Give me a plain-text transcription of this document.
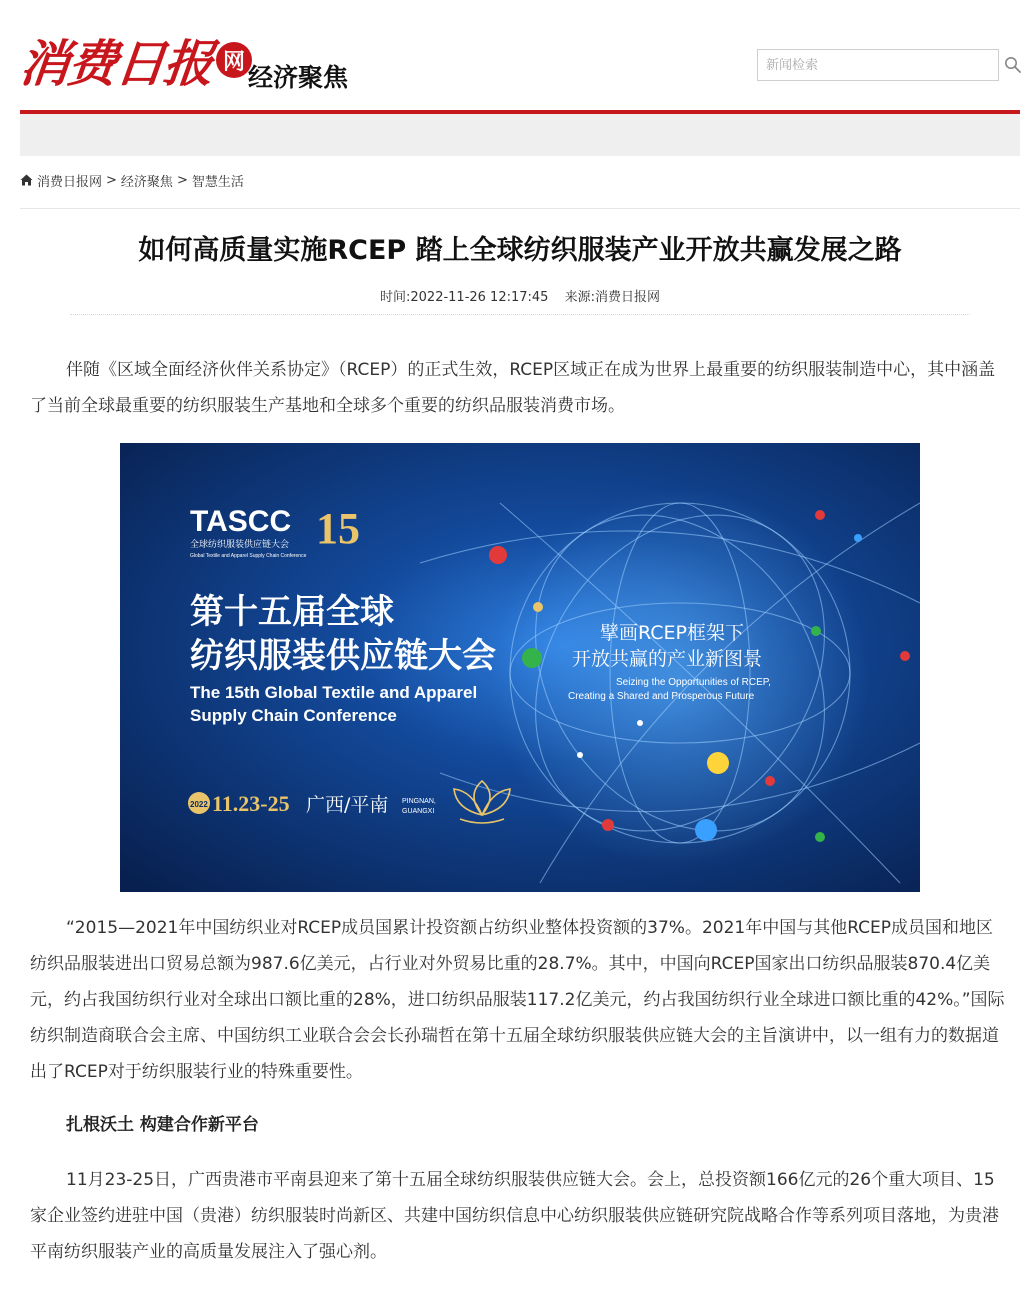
消费日报 网
经济聚焦
新闻检索
消费日报网 > 经济聚焦 > 智慧生活
如何高质量实施RCEP 踏上全球纺织服装产业开放共赢发展之路
时间:2022-11-26 12:17:45 来源:消费日报网

伴随《区域全面经济伙伴关系协定》（RCEP）的正式生效，RCEP区域正在成为世界上最重要的纺织服装制造中心，其中涵盖了当前全球最重要的纺织服装生产基地和全球多个重要的纺织品服装消费市场。

TASCC
全球纺织服装供应链大会
Global Textile and Apparel Supply Chain Conference
15
第十五届全球
纺织服装供应链大会
The 15th Global Textile and Apparel
Supply Chain Conference
擘画RCEP框架下
开放共赢的产业新图景
Seizing the Opportunities of RCEP,
Creating a Shared and Prosperous Future
2022 11.23-25 广西/平南 PINGNAN,
GUANGXI

“2015—2021年中国纺织业对RCEP成员国累计投资额占纺织业整体投资额的37%。2021年中国与其他RCEP成员国和地区纺织品服装进出口贸易总额为987.6亿美元，占行业对外贸易比重的28.7%。其中，中国向RCEP国家出口纺织品服装870.4亿美元，约占我国纺织行业对全球出口额比重的28%，进口纺织品服装117.2亿美元，约占我国纺织行业全球进口额比重的42%。”国际纺织制造商联合会主席、中国纺织工业联合会会长孙瑞哲在第十五届全球纺织服装供应链大会的主旨演讲中，以一组有力的数据道出了RCEP对于纺织服装行业的特殊重要性。

扎根沃土 构建合作新平台

11月23-25日，广西贵港市平南县迎来了第十五届全球纺织服装供应链大会。会上，总投资额166亿元的26个重大项目、15家企业签约进驻中国（贵港）纺织服装时尚新区、共建中国纺织信息中心纺织服装供应链研究院战略合作等系列项目落地，为贵港平南纺织服装产业的高质量发展注入了强心剂。
